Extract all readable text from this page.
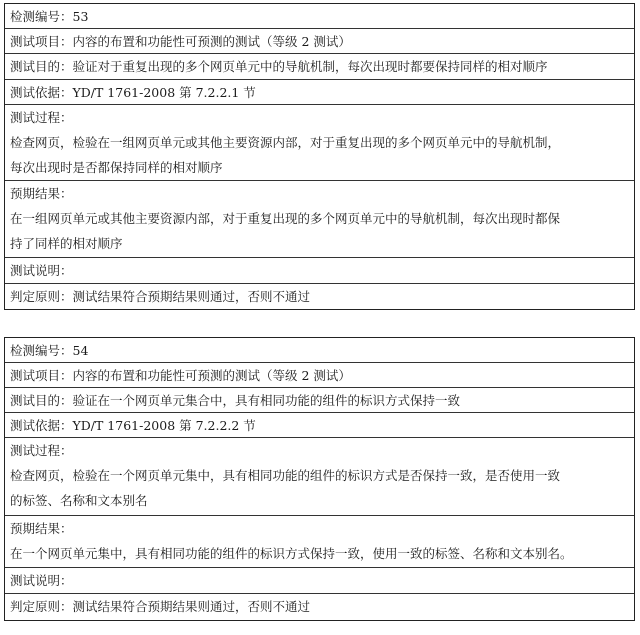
检测编号：53
测试项目：内容的布置和功能性可预测的测试（等级 2 测试）
测试目的：验证对于重复出现的多个网页单元中的导航机制，每次出现时都要保持同样的相对顺序
测试依据：YD/T 1761-2008 第 7.2.2.1 节
测试过程：
检查网页，检验在一组网页单元或其他主要资源内部，对于重复出现的多个网页单元中的导航机制，
每次出现时是否都保持同样的相对顺序
预期结果：
在一组网页单元或其他主要资源内部，对于重复出现的多个网页单元中的导航机制，每次出现时都保
持了同样的相对顺序
测试说明：
判定原则：测试结果符合预期结果则通过，否则不通过
检测编号：54
测试项目：内容的布置和功能性可预测的测试（等级 2 测试）
测试目的：验证在一个网页单元集合中，具有相同功能的组件的标识方式保持一致
测试依据：YD/T 1761-2008 第 7.2.2.2 节
测试过程：
检查网页，检验在一个网页单元集中，具有相同功能的组件的标识方式是否保持一致，是否使用一致
的标签、名称和文本别名
预期结果：
在一个网页单元集中，具有相同功能的组件的标识方式保持一致，使用一致的标签、名称和文本别名。
测试说明：
判定原则：测试结果符合预期结果则通过，否则不通过
